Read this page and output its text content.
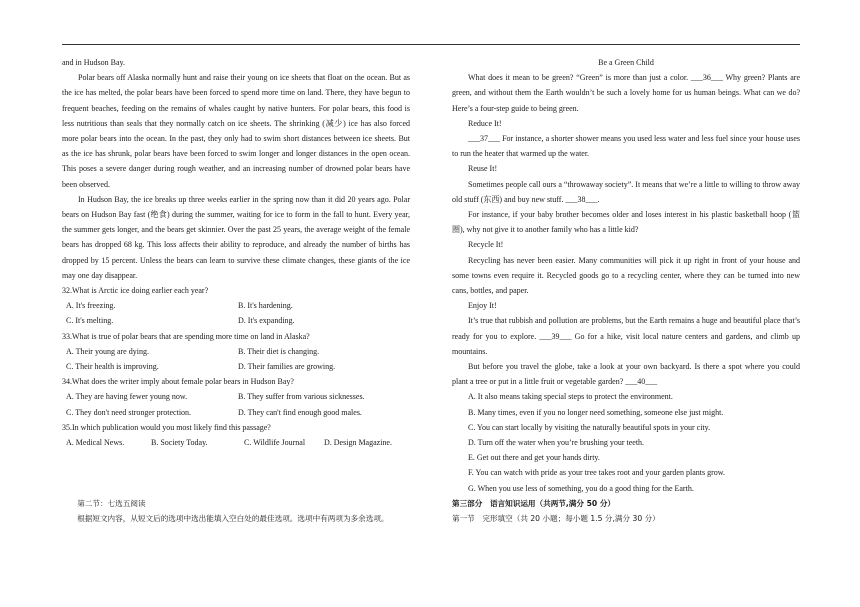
and in Hudson Bay.

Polar bears off Alaska normally hunt and raise their young on ice sheets that float on the ocean. But as the ice has melted, the polar bears have been forced to spend more time on land. There, they have begun to frequent beaches, feeding on the remains of whales caught by native hunters. For polar bears, this food is less nutritious than seals that they normally catch on ice sheets. The shrinking (减少) ice has also forced more polar bears into the ocean. In the past, they only had to swim short distances between ice sheets. But as the ice has shrunk, polar bears have been forced to swim longer and longer distances in the open ocean. This poses a severe danger during rough weather, and an increasing number of drowned polar bears have been observed.

In Hudson Bay, the ice breaks up three weeks earlier in the spring now than it did 20 years ago. Polar bears on Hudson Bay fast (绝食) during the summer, waiting for ice to form in the fall to hunt. Every year, the summer gets longer, and the bears get skinnier. Over the past 25 years, the average weight of the female bears has dropped 68 kg. This loss affects their ability to reproduce, and already the number of births has dropped by 15 percent. Unless the bears can learn to survive these climate changes, these giants of the ice may one day disappear.

32.What is Arctic ice doing earlier each year?

A. It's freezing.	B. It's hardening.
C. It's melting.	D. It's expanding.

33.What is true of polar bears that are spending more time on land in Alaska?

A. Their young are dying.	B. Their diet is changing.
C. Their health is improving.	D. Their families are growing.

34.What does the writer imply about female polar bears in Hudson Bay?

A. They are having fewer young now.	B. They suffer from various sicknesses.
C. They don't need stronger protection.	D. They can't find enough good males.

35.In which publication would you most likely find this passage?

A. Medical News.	B. Society Today.	C. Wildlife Journal	D. Design Magazine.

第二节：七选五阅读

根据短文内容，从短文后的选项中选出能填入空白处的最佳选项。选项中有两项为多余选项。

Be a Green Child

What does it mean to be green? “Green” is more than just a color. ___36___ Why green? Plants are green, and without them the Earth wouldn’t be such a lovely home for us human beings. What can we do? Here’s a four-step guide to being green.

Reduce It!

___37___ For instance, a shorter shower means you used less water and less fuel since your house uses to run the heater that warmed up the water.

Reuse It!

Sometimes people call ours a “throwaway society”. It means that we’re a little to willing to throw away old stuff (东西) and buy new stuff. ___38___.

For instance, if your baby brother becomes older and loses interest in his plastic basketball hoop (篮圈), why not give it to another family who has a little kid?

Recycle It!

Recycling has never been easier. Many communities will pick it up right in front of your house and some towns even require it. Recycled goods go to a recycling center, where they can be turned into new cans, bottles, and paper.

Enjoy It!

It’s true that rubbish and pollution are problems, but the Earth remains a huge and beautiful place that’s ready for you to explore. ___39___ Go for a hike, visit local nature centers and gardens, and climb up mountains.

But before you travel the globe, take a look at your own backyard. Is there a spot where you could plant a tree or put in a little fruit or vegetable garden? ___40___

A. It also means taking special steps to protect the environment.

B. Many times, even if you no longer need something, someone else just might.

C. You can start locally by visiting the naturally beautiful spots in your city.

D. Turn off the water when you’re brushing your teeth.

E. Get out there and get your hands dirty.

F. You can watch with pride as your tree takes root and your garden plants grow.

G. When you use less of something, you do a good thing for the Earth.

第三部分　语言知识运用（共两节,满分 50 分）

第一节　完形填空（共 20 小题；每小题 1.5 分,满分 30 分）
